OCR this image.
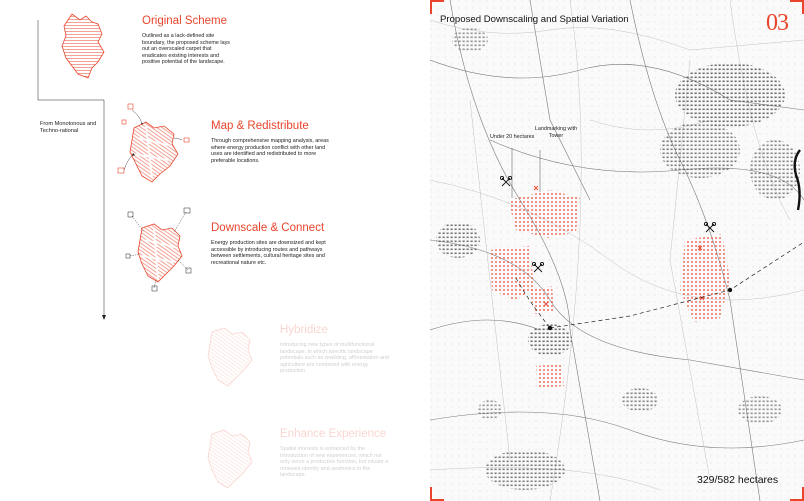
From Monotonous and Techno-rational
Original Scheme
Outlined as a lack-defined site boundary, the proposed scheme lays out an overscaled carpet that eradicates existing interests and positive potential of the landscape.
Map & Redistribute
Through comprehensive mapping analysis, areas where energy production conflict with other land uses are identified and redistributed to more preferable locations.
Downscale & Connect
Energy production sites are downsized and kept accessible by introducing routes and pathways between settlements, cultural heritage sites and recreational nature etc.
Hybridize
Introducing new types of multifunctional landscape, in which specific landscape potentials such as rewilding, afforestation and agriculture are combined with energy production.
Enhance Experience
Spatial interests is enhanced by the introduction of new experiences, which not only serve a productive function, but situate a renewed identity and aesthetics in the landscape.
Proposed Downscaling and Spatial Variation	03
Under 20 hectares
Landmarking with Tower
329/582 hectares
